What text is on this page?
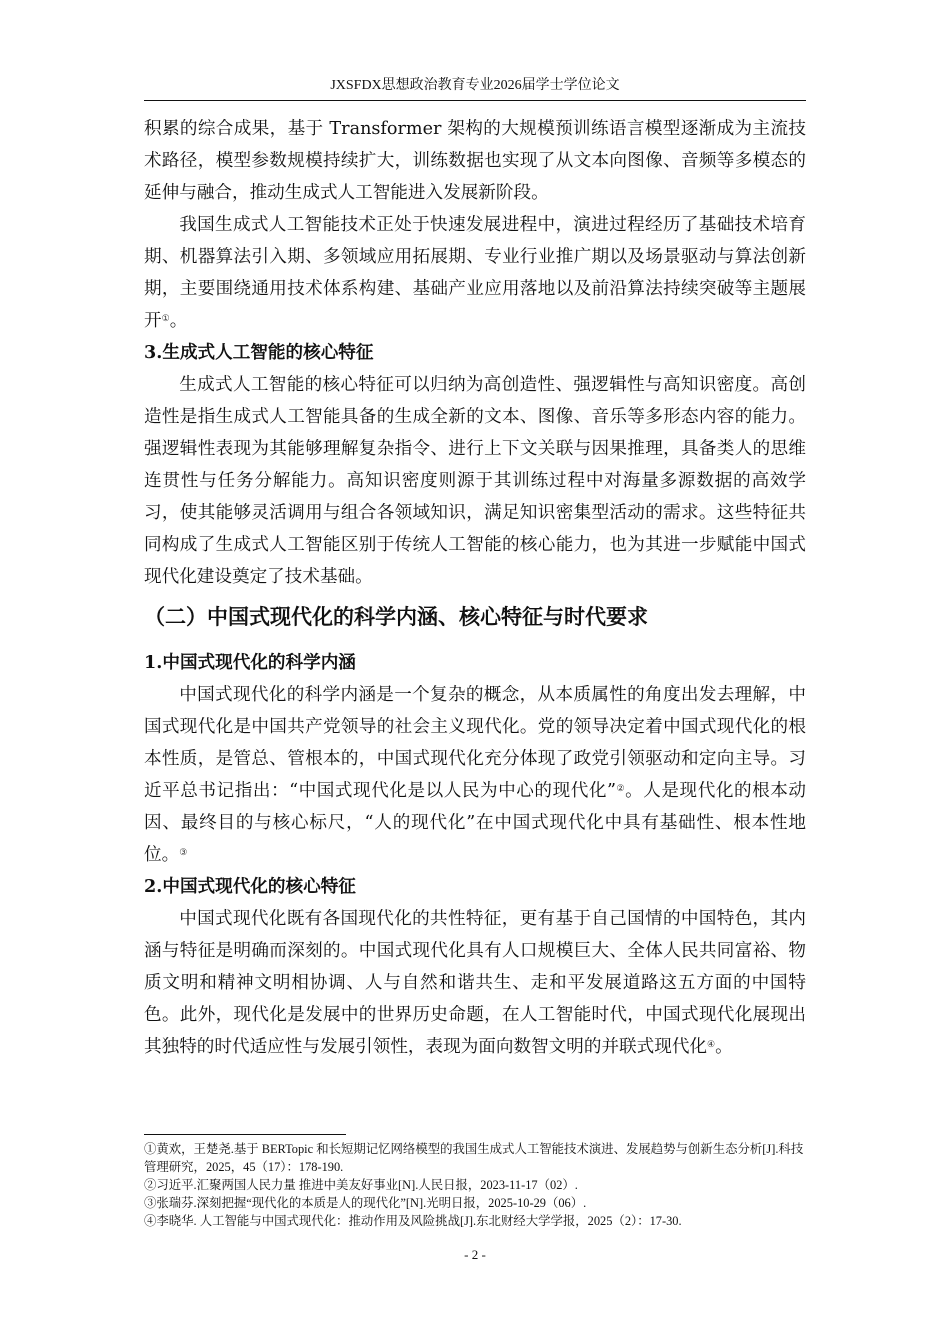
JXSFDX思想政治教育专业2026届学士学位论文

积累的综合成果，基于 Transformer 架构的大规模预训练语言模型逐渐成为主流技术路径，模型参数规模持续扩大，训练数据也实现了从文本向图像、音频等多模态的延伸与融合，推动生成式人工智能进入发展新阶段。

我国生成式人工智能技术正处于快速发展进程中，演进过程经历了基础技术培育期、机器算法引入期、多领域应用拓展期、专业行业推广期以及场景驱动与算法创新期，主要围绕通用技术体系构建、基础产业应用落地以及前沿算法持续突破等主题展开①。

3.生成式人工智能的核心特征

生成式人工智能的核心特征可以归纳为高创造性、强逻辑性与高知识密度。高创造性是指生成式人工智能具备的生成全新的文本、图像、音乐等多形态内容的能力。强逻辑性表现为其能够理解复杂指令、进行上下文关联与因果推理，具备类人的思维连贯性与任务分解能力。高知识密度则源于其训练过程中对海量多源数据的高效学习，使其能够灵活调用与组合各领域知识，满足知识密集型活动的需求。这些特征共同构成了生成式人工智能区别于传统人工智能的核心能力，也为其进一步赋能中国式现代化建设奠定了技术基础。

（二）中国式现代化的科学内涵、核心特征与时代要求

1.中国式现代化的科学内涵

中国式现代化的科学内涵是一个复杂的概念，从本质属性的角度出发去理解，中国式现代化是中国共产党领导的社会主义现代化。党的领导决定着中国式现代化的根本性质，是管总、管根本的，中国式现代化充分体现了政党引领驱动和定向主导。习近平总书记指出：“中国式现代化是以人民为中心的现代化”②。人是现代化的根本动因、最终目的与核心标尺，“人的现代化”在中国式现代化中具有基础性、根本性地位。③

2.中国式现代化的核心特征

中国式现代化既有各国现代化的共性特征，更有基于自己国情的中国特色，其内涵与特征是明确而深刻的。中国式现代化具有人口规模巨大、全体人民共同富裕、物质文明和精神文明相协调、人与自然和谐共生、走和平发展道路这五方面的中国特色。此外，现代化是发展中的世界历史命题，在人工智能时代，中国式现代化展现出其独特的时代适应性与发展引领性，表现为面向数智文明的并联式现代化④。

①黄欢，王楚尧.基于 BERTopic 和长短期记忆网络模型的我国生成式人工智能技术演进、发展趋势与创新生态分析[J].科技管理研究，2025，45（17）：178-190.

②习近平.汇聚两国人民力量 推进中美友好事业[N].人民日报，2023-11-17（02）.

③张瑞芬.深刻把握“现代化的本质是人的现代化”[N].光明日报，2025-10-29（06）.

④李晓华. 人工智能与中国式现代化：推动作用及风险挑战[J].东北财经大学学报，2025（2）：17-30.

- 2 -
